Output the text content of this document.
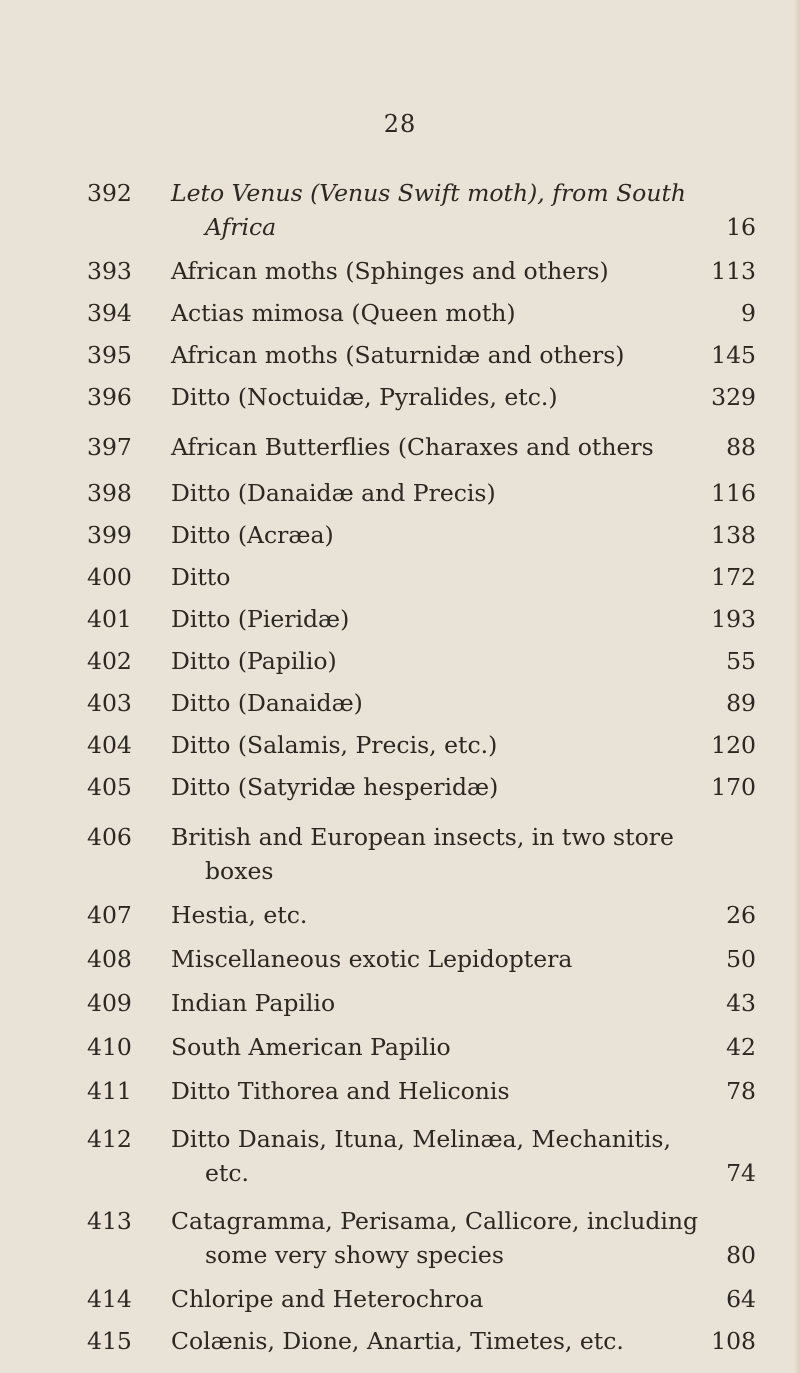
28
392	Leto Venus (Venus Swift moth), from South
Africa	16
393	African moths (Sphinges and others)	113
394	Actias mimosa (Queen moth)	9
395	African moths (Saturnidæ and others)	145
396	Ditto (Noctuidæ, Pyralides, etc.)	329
397	African Butterflies (Charaxes and others	88
398	Ditto (Danaidæ and Precis)	116
399	Ditto (Acræa)	138
400	Ditto	172
401	Ditto (Pieridæ)	193
402	Ditto (Papilio)	55
403	Ditto (Danaidæ)	89
404	Ditto (Salamis, Precis, etc.)	120
405	Ditto (Satyridæ hesperidæ)	170
406	British and European insects, in two store
boxes
407	Hestia, etc.	26
408	Miscellaneous exotic Lepidoptera	50
409	Indian Papilio	43
410	South American Papilio	42
411	Ditto Tithorea and Heliconis	78
412	Ditto Danais, Ituna, Melinæa, Mechanitis,
etc.	74
413	Catagramma, Perisama, Callicore, including
some very showy species	80
414	Chloripe and Heterochroa	64
415	Colænis, Dione, Anartia, Timetes, etc.	108
